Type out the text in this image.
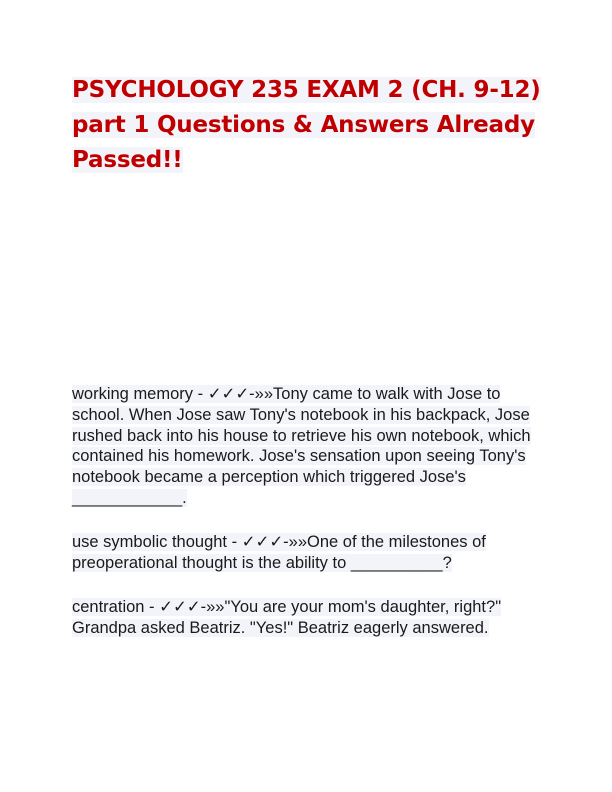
PSYCHOLOGY 235 EXAM 2 (CH. 9-12) part 1 Questions & Answers Already Passed!!

working memory - ✓✓✓-»»Tony came to walk with Jose to school. When Jose saw Tony's notebook in his backpack, Jose rushed back into his house to retrieve his own notebook, which contained his homework. Jose's sensation upon seeing Tony's notebook became a perception which triggered Jose's ____________.

use symbolic thought - ✓✓✓-»»One of the milestones of preoperational thought is the ability to __________?

centration - ✓✓✓-»»"You are your mom's daughter, right?" Grandpa asked Beatriz. "Yes!" Beatriz eagerly answered.
